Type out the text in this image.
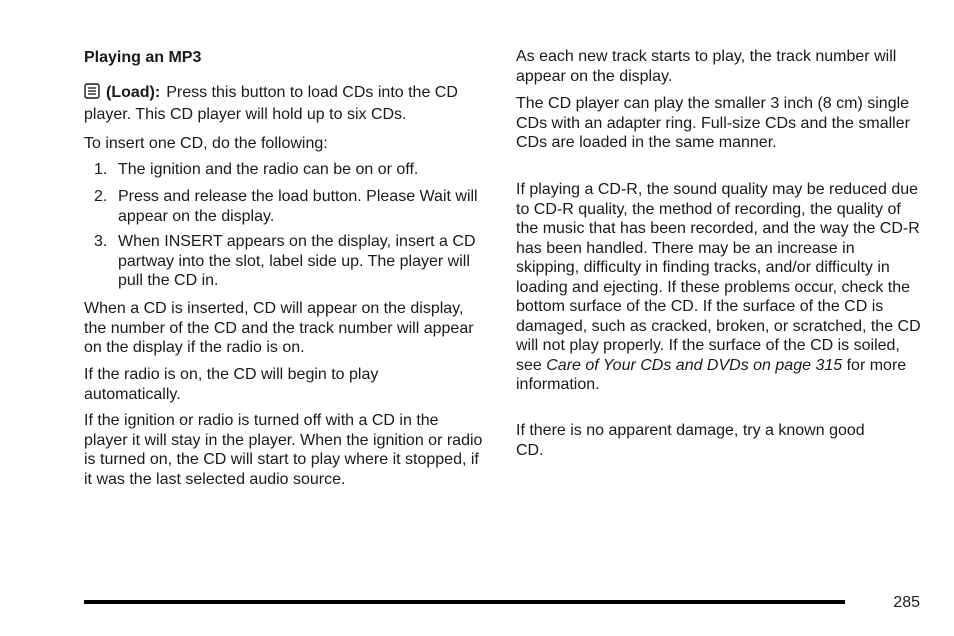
Playing an MP3

(Load): Press this button to load CDs into the CD player. This CD player will hold up to six CDs.

To insert one CD, do the following:

1. The ignition and the radio can be on or off.
2. Press and release the load button. Please Wait will appear on the display.
3. When INSERT appears on the display, insert a CD partway into the slot, label side up. The player will pull the CD in.

When a CD is inserted, CD will appear on the display, the number of the CD and the track number will appear on the display if the radio is on.

If the radio is on, the CD will begin to play automatically.

If the ignition or radio is turned off with a CD in the player it will stay in the player. When the ignition or radio is turned on, the CD will start to play where it stopped, if it was the last selected audio source.

As each new track starts to play, the track number will appear on the display.

The CD player can play the smaller 3 inch (8 cm) single CDs with an adapter ring. Full-size CDs and the smaller CDs are loaded in the same manner.

If playing a CD-R, the sound quality may be reduced due to CD-R quality, the method of recording, the quality of the music that has been recorded, and the way the CD-R has been handled. There may be an increase in skipping, difficulty in finding tracks, and/or difficulty in loading and ejecting. If these problems occur, check the bottom surface of the CD. If the surface of the CD is damaged, such as cracked, broken, or scratched, the CD will not play properly. If the surface of the CD is soiled, see Care of Your CDs and DVDs on page 315 for more information.

If there is no apparent damage, try a known good CD.

285
